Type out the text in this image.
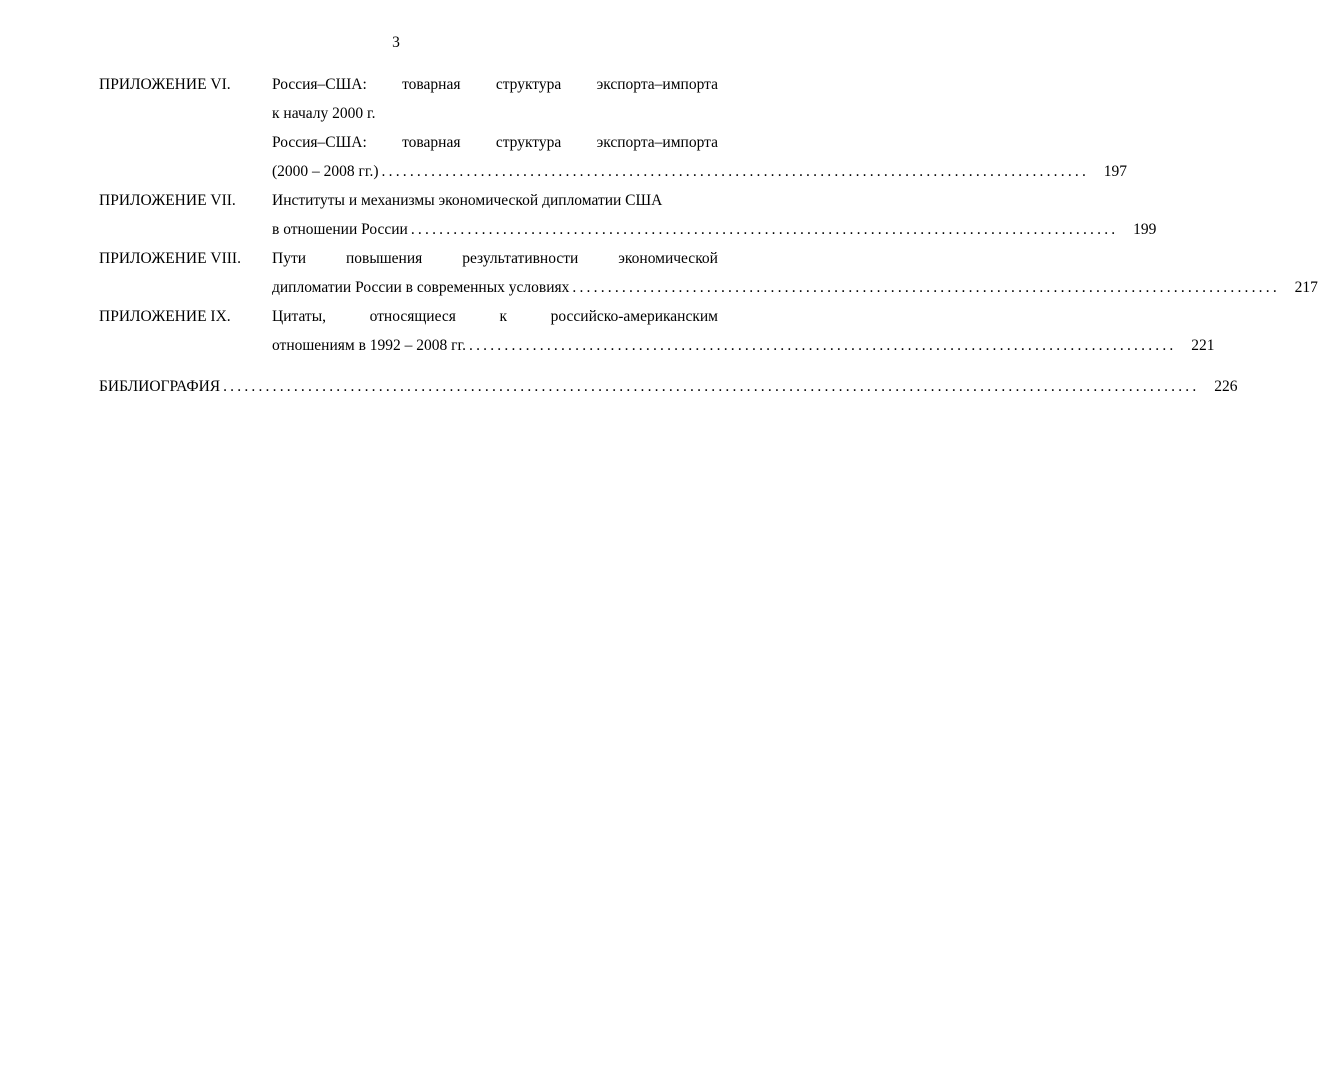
3
ПРИЛОЖЕНИЕ VI.	Россия–США: товарная структура экспорта–импорта
к началу 2000 г.
Россия–США: товарная структура экспорта–импорта
(2000 – 2008 гг.) .................................................................................................... 197
ПРИЛОЖЕНИЕ VII.	Институты и механизмы экономической дипломатии США
в отношении России .................................................................................................... 199
ПРИЛОЖЕНИЕ VIII.	Пути	повышения	результативности	экономической
дипломатии России в современных условиях .................................................................................................... 217
ПРИЛОЖЕНИЕ IX.	Цитаты,	относящиеся	к	российско-американским
отношениям в 1992 – 2008 гг. .................................................................................................... 221
БИБЛИОГРАФИЯ .......................................................................................................................................... 226
